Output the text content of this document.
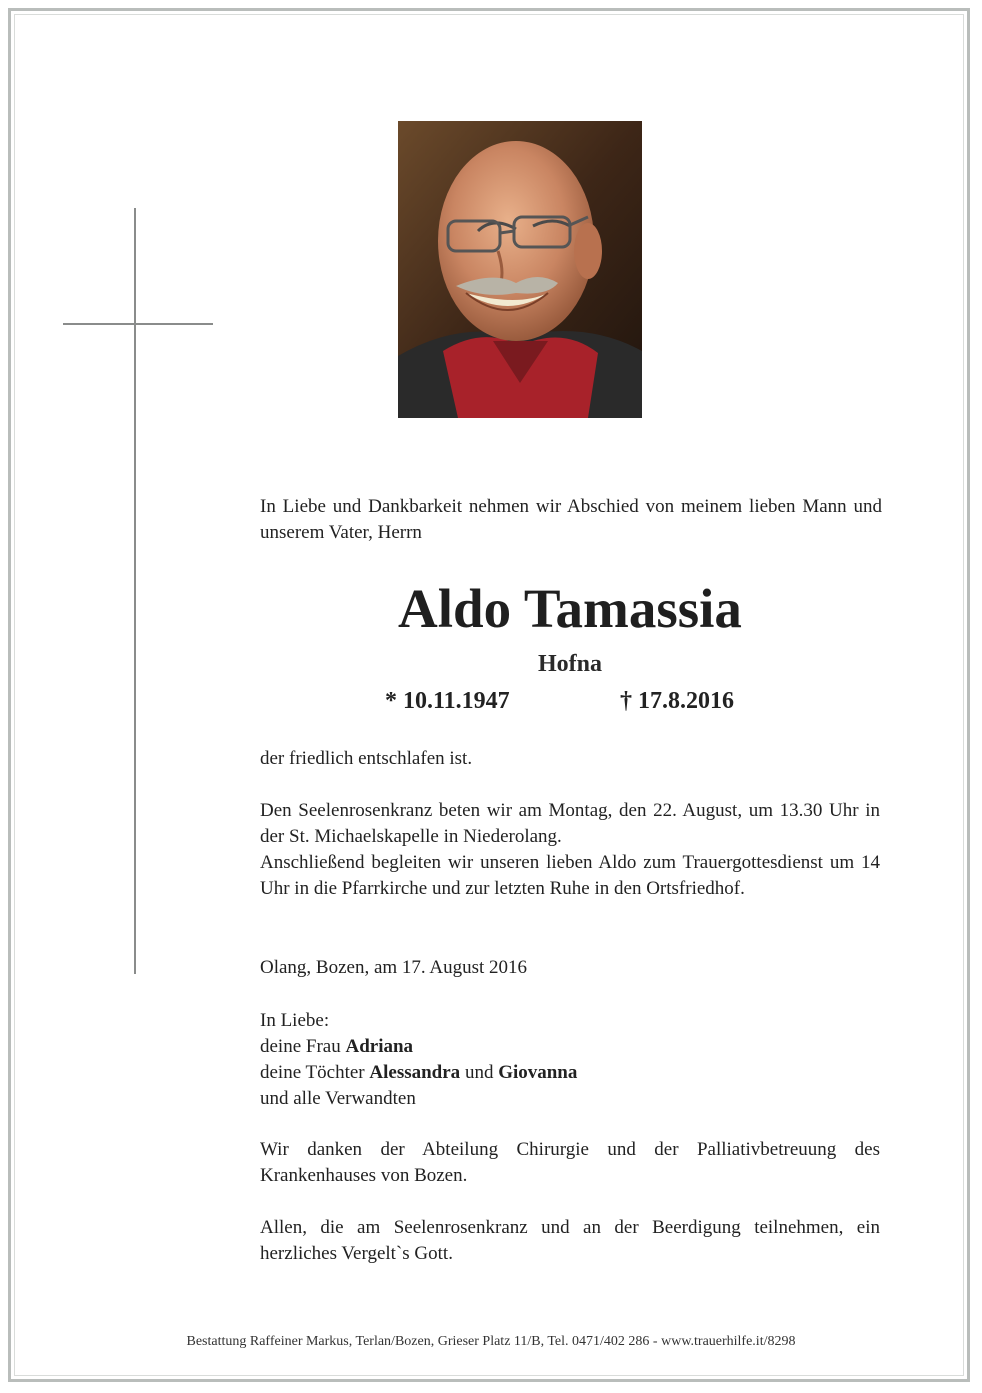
In Liebe und Dankbarkeit nehmen wir Abschied von meinem lieben Mann und unserem Vater, Herrn
Aldo Tamassia
Hofna
* 10.11.1947	† 17.8.2016
der friedlich entschlafen ist.
Den Seelenrosenkranz beten wir am Montag, den 22. August, um 13.30 Uhr in der St. Michaelskapelle in Niederolang.
Anschließend begleiten wir unseren lieben Aldo zum Trauergottesdienst um 14 Uhr in die Pfarrkirche und zur letzten Ruhe in den Ortsfriedhof.
Olang, Bozen, am 17. August 2016
In Liebe:
deine Frau Adriana
deine Töchter Alessandra und Giovanna
und alle Verwandten
Wir danken der Abteilung Chirurgie und der Palliativbetreuung des Krankenhauses von Bozen.
Allen, die am Seelenrosenkranz und an der Beerdigung teilnehmen, ein herzliches Vergelt`s Gott.
Bestattung Raffeiner Markus, Terlan/Bozen, Grieser Platz 11/B, Tel. 0471/402 286 - www.trauerhilfe.it/8298
